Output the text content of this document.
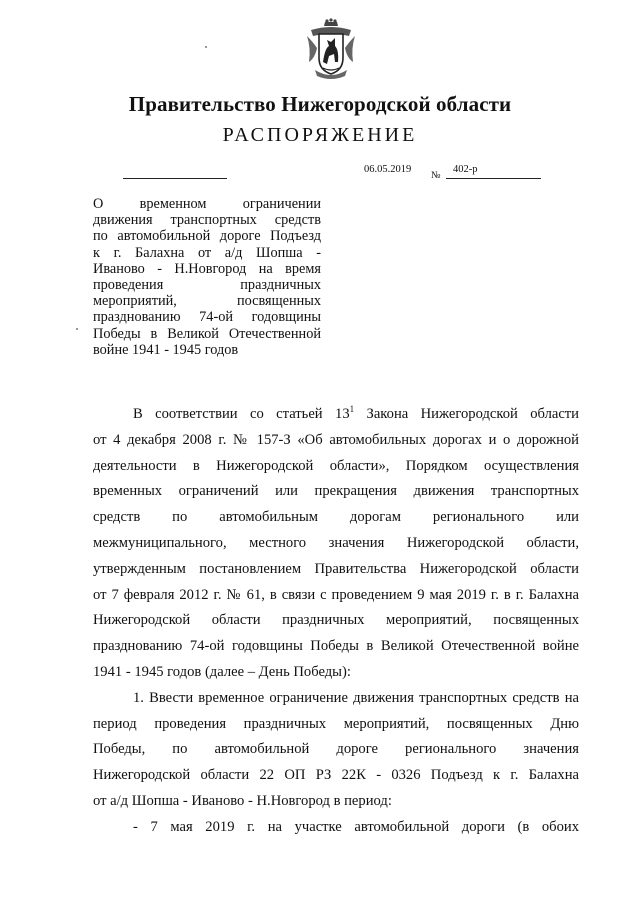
Правительство Нижегородской области
РАСПОРЯЖЕНИЕ
06.05.2019
№
402-р
О временном ограничении
движения транспортных средств
по автомобильной дороге Подъезд
к г. Балахна от а/д Шопша -
Иваново - Н.Новгород на время
проведения праздничных
мероприятий, посвященных
празднованию 74-ой годовщины
Победы в Великой Отечественной
войне 1941 - 1945 годов
В соответствии со статьей $13^1$ Закона Нижегородской области
от 4 декабря 2008 г. № 157-З «Об автомобильных дорогах и о дорожной
деятельности в Нижегородской области», Порядком осуществления
временных ограничений или прекращения движения транспортных
средств по автомобильным дорогам регионального или
межмуниципального, местного значения Нижегородской области,
утвержденным постановлением Правительства Нижегородской области
от 7 февраля 2012 г. № 61, в связи с проведением 9 мая 2019 г. в г. Балахна
Нижегородской области праздничных мероприятий, посвященных
празднованию 74-ой годовщины Победы в Великой Отечественной войне
1941 - 1945 годов (далее – День Победы):
1. Ввести временное ограничение движения транспортных средств на
период проведения праздничных мероприятий, посвященных Дню
Победы, по автомобильной дороге регионального значения
Нижегородской области 22 ОП РЗ 22К - 0326 Подъезд к г. Балахна
от а/д Шопша - Иваново - Н.Новгород в период:
- 7 мая 2019 г. на участке автомобильной дороги (в обоих
